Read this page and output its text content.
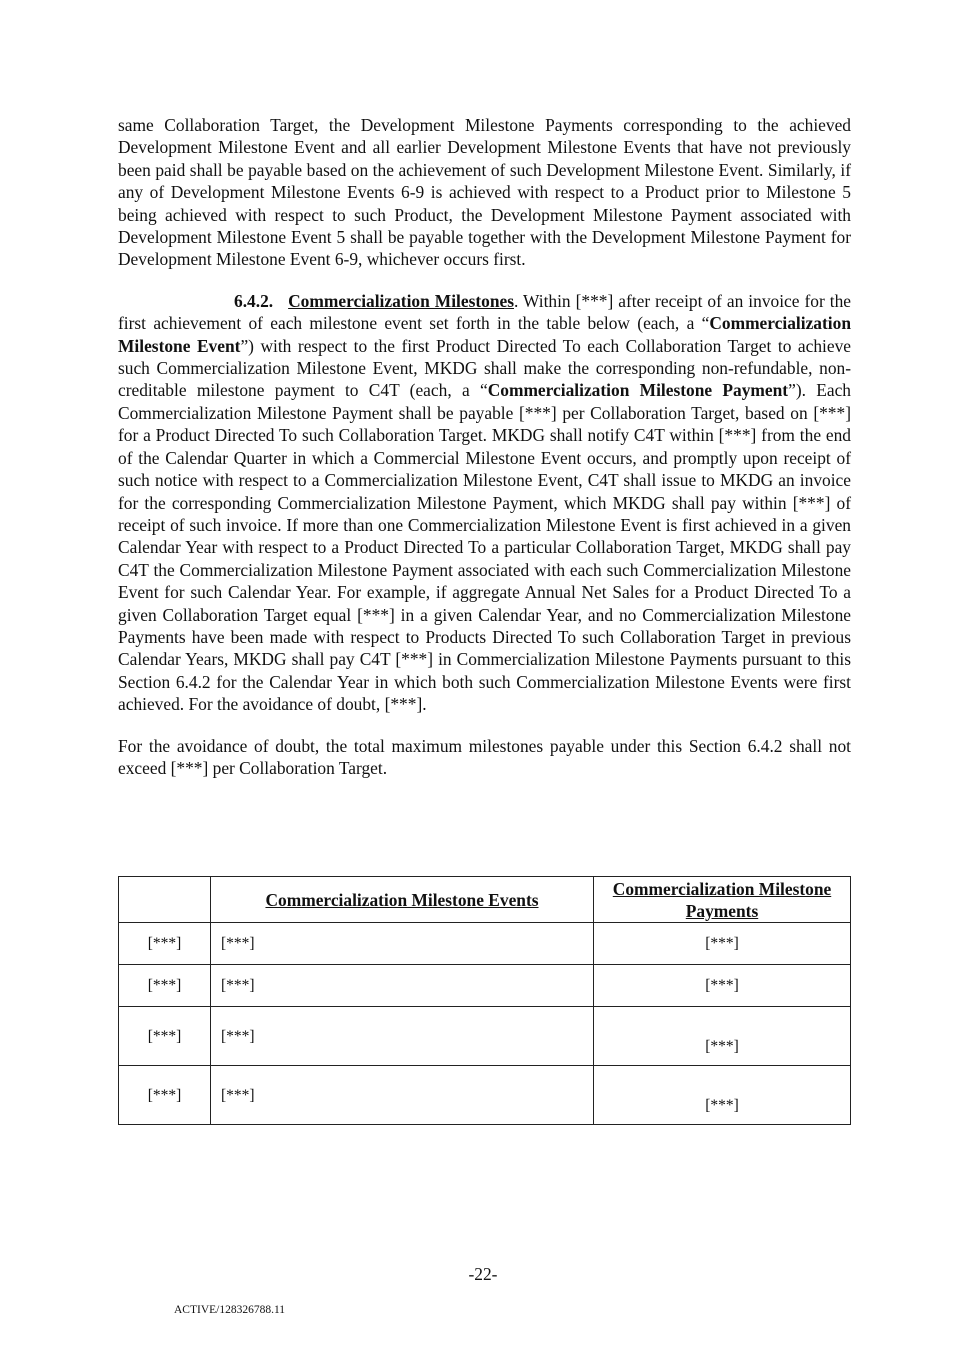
same Collaboration Target, the Development Milestone Payments corresponding to the achieved Development Milestone Event and all earlier Development Milestone Events that have not previously been paid shall be payable based on the achievement of such Development Milestone Event. Similarly, if any of Development Milestone Events 6-9 is achieved with respect to a Product prior to Milestone 5 being achieved with respect to such Product, the Development Milestone Payment associated with Development Milestone Event 5 shall be payable together with the Development Milestone Payment for Development Milestone Event 6-9, whichever occurs first.

6.4.2. Commercialization Milestones. Within [***] after receipt of an invoice for the first achievement of each milestone event set forth in the table below (each, a “Commercialization Milestone Event”) with respect to the first Product Directed To each Collaboration Target to achieve such Commercialization Milestone Event, MKDG shall make the corresponding non-refundable, non-creditable milestone payment to C4T (each, a “Commercialization Milestone Payment”). Each Commercialization Milestone Payment shall be payable [***] per Collaboration Target, based on [***] for a Product Directed To such Collaboration Target. MKDG shall notify C4T within [***] from the end of the Calendar Quarter in which a Commercial Milestone Event occurs, and promptly upon receipt of such notice with respect to a Commercialization Milestone Event, C4T shall issue to MKDG an invoice for the corresponding Commercialization Milestone Payment, which MKDG shall pay within [***] of receipt of such invoice. If more than one Commercialization Milestone Event is first achieved in a given Calendar Year with respect to a Product Directed To a particular Collaboration Target, MKDG shall pay C4T the Commercialization Milestone Payment associated with each such Commercialization Milestone Event for such Calendar Year. For example, if aggregate Annual Net Sales for a Product Directed To a given Collaboration Target equal [***] in a given Calendar Year, and no Commercialization Milestone Payments have been made with respect to Products Directed To such Collaboration Target in previous Calendar Years, MKDG shall pay C4T [***] in Commercialization Milestone Payments pursuant to this Section 6.4.2 for the Calendar Year in which both such Commercialization Milestone Events were first achieved. For the avoidance of doubt, [***].

For the avoidance of doubt, the total maximum milestones payable under this Section 6.4.2 shall not exceed [***] per Collaboration Target.

	Commercialization Milestone Events	Commercialization Milestone Payments
[***]	[***]	[***]
[***]	[***]	[***]
[***]	[***]	[***]
[***]	[***]	[***]
-22-
ACTIVE/128326788.11
